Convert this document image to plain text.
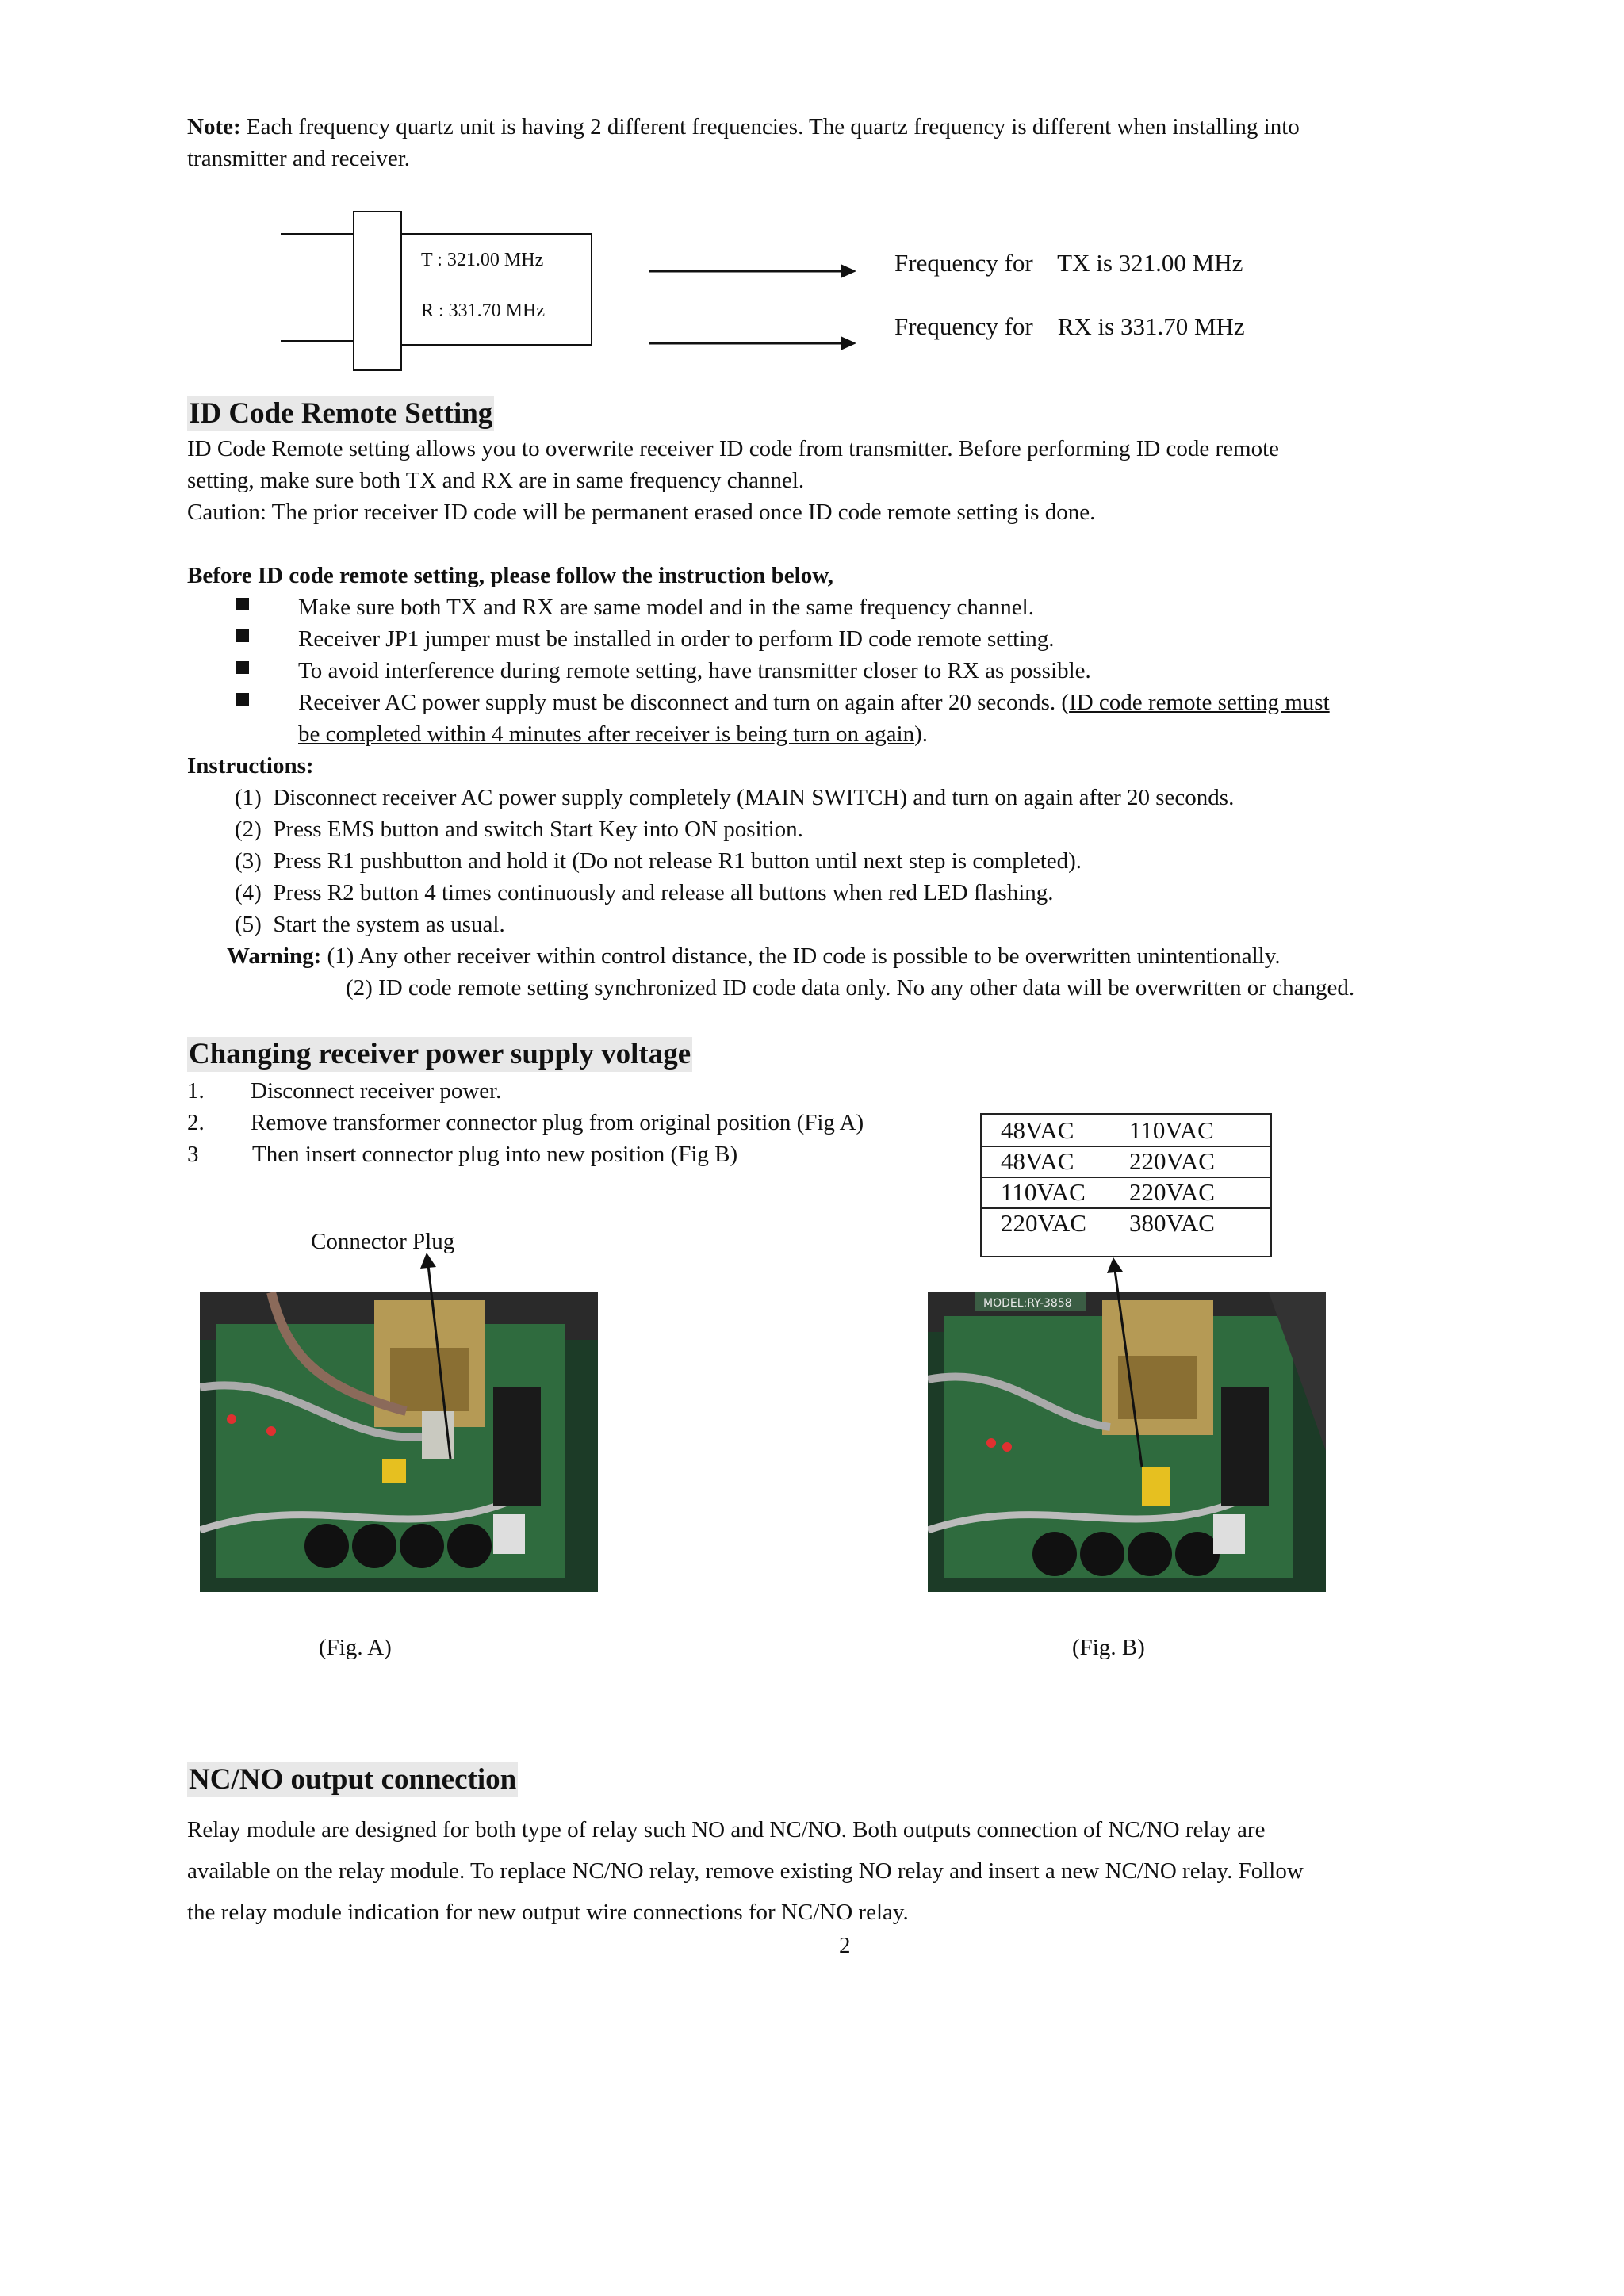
Note: Each frequency quartz unit is having 2 different frequencies. The quartz frequency is different when installing into
transmitter and receiver.
T : 321.00 MHz
R : 331.70 MHz
Frequency for    TX is 321.00 MHz
Frequency for    RX is 331.70 MHz
ID Code Remote Setting
ID Code Remote setting allows you to overwrite receiver ID code from transmitter. Before performing ID code remote
setting, make sure both TX and RX are in same frequency channel.
Caution: The prior receiver ID code will be permanent erased once ID code remote setting is done.
Before ID code remote setting, please follow the instruction below,
Make sure both TX and RX are same model and in the same frequency channel.
Receiver JP1 jumper must be installed in order to perform ID code remote setting.
To avoid interference during remote setting, have transmitter closer to RX as possible.
Receiver AC power supply must be disconnect and turn on again after 20 seconds. (ID code remote setting must
be completed within 4 minutes after receiver is being turn on again).
Instructions:
(1)  Disconnect receiver AC power supply completely (MAIN SWITCH) and turn on again after 20 seconds.
(2)  Press EMS button and switch Start Key into ON position.
(3)  Press R1 pushbutton and hold it (Do not release R1 button until next step is completed).
(4)  Press R2 button 4 times continuously and release all buttons when red LED flashing.
(5)  Start the system as usual.
Warning: (1) Any other receiver within control distance, the ID code is possible to be overwritten unintentionally.
(2) ID code remote setting synchronized ID code data only. No any other data will be overwritten or changed.
Changing receiver power supply voltage
1. Disconnect receiver power.
2. Remove transformer connector plug from original position (Fig A)
3 Then insert connector plug into new position (Fig B)
48VAC 110VAC
48VAC 220VAC
110VAC 220VAC
220VAC 380VAC
Connector Plug
MODEL:RY-3858
(Fig. A)	(Fig. B)
NC/NO output connection
Relay module are designed for both type of relay such NO and NC/NO. Both outputs connection of NC/NO relay are
available on the relay module. To replace NC/NO relay, remove existing NO relay and insert a new NC/NO relay. Follow
the relay module indication for new output wire connections for NC/NO relay.
2
